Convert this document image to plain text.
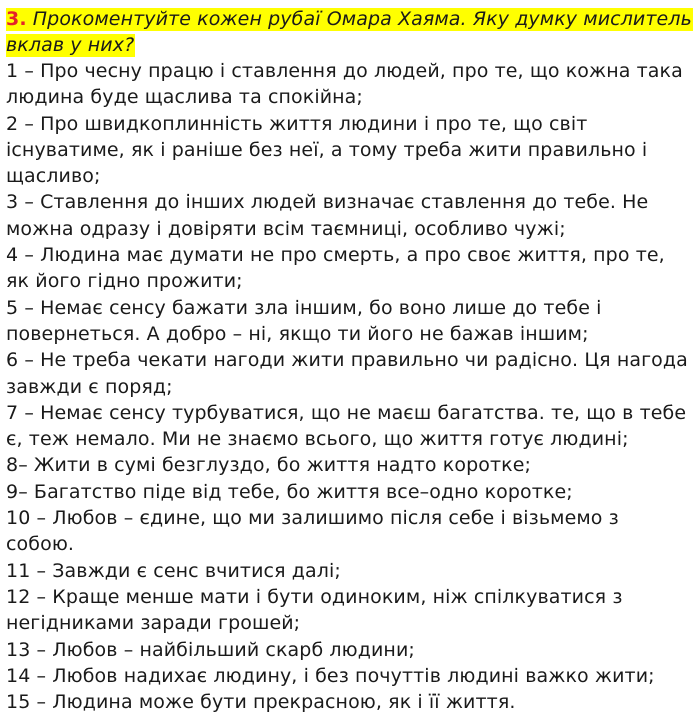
3. Прокоментуйте кожен рубаї Омара Хаяма. Яку думку мислитель вклав у них?

1 – Про чесну працю і ставлення до людей, про те, що кожна така людина буде щаслива та спокійна;
2 – Про швидкоплинність життя людини і про те, що світ існуватиме, як і раніше без неї, а тому треба жити правильно і щасливо;
3 – Ставлення до інших людей визначає ставлення до тебе. Не можна одразу і довіряти всім таємниці, особливо чужі;
4 – Людина має думати не про смерть, а про своє життя, про те, як його гідно прожити;
5 – Немає сенсу бажати зла іншим, бо воно лише до тебе і повернеться. А добро – ні, якщо ти його не бажав іншим;
6 – Не треба чекати нагоди жити правильно чи радісно. Ця нагода завжди є поряд;
7 – Немає сенсу турбуватися, що не маєш багатства. те, що в тебе є, теж немало. Ми не знаємо всього, що життя готує людині;
8– Жити в сумі безглуздо, бо життя надто коротке;
9– Багатство піде від тебе, бо життя все–одно коротке;
10 – Любов – єдине, що ми залишимо після себе і візьмемо з собою.
11 – Завжди є сенс вчитися далі;
12 – Краще менше мати і бути одиноким, ніж спілкуватися з негідниками заради грошей;
13 – Любов – найбільший скарб людини;
14 – Любов надихає людину, і без почуттів людині важко жити;
15 – Людина може бути прекрасною, як і її життя.
